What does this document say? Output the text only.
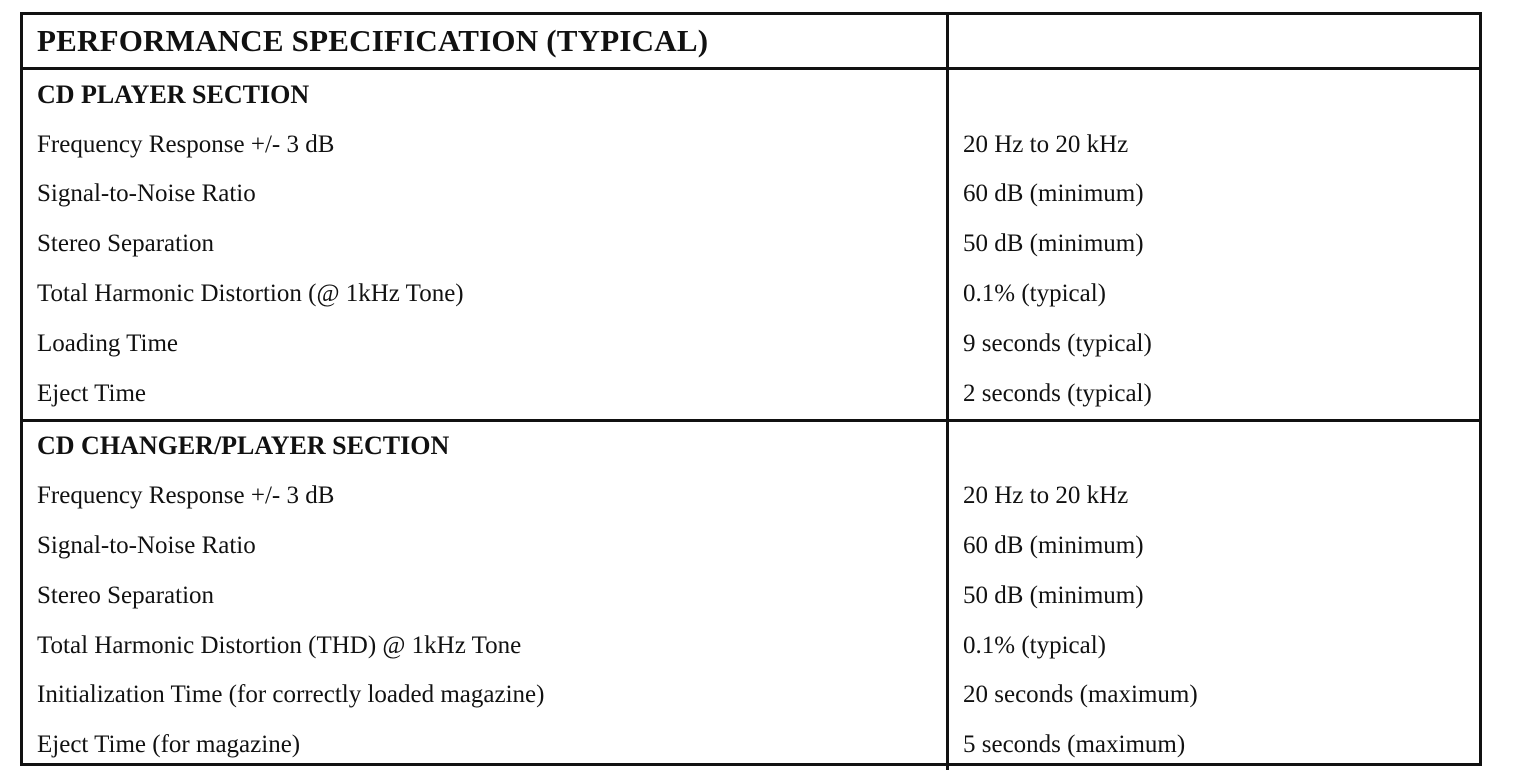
PERFORMANCE SPECIFICATION (TYPICAL)
CD PLAYER SECTION
Frequency Response +/- 3 dB	20 Hz to 20 kHz
Signal-to-Noise Ratio	60 dB (minimum)
Stereo Separation	50 dB (minimum)
Total Harmonic Distortion (@ 1kHz Tone)	0.1% (typical)
Loading Time	9 seconds (typical)
Eject Time	2 seconds (typical)
CD CHANGER/PLAYER SECTION
Frequency Response +/- 3 dB	20 Hz to 20 kHz
Signal-to-Noise Ratio	60 dB (minimum)
Stereo Separation	50 dB (minimum)
Total Harmonic Distortion (THD) @ 1kHz Tone	0.1% (typical)
Initialization Time (for correctly loaded magazine)	20 seconds (maximum)
Eject Time (for magazine)	5 seconds (maximum)
